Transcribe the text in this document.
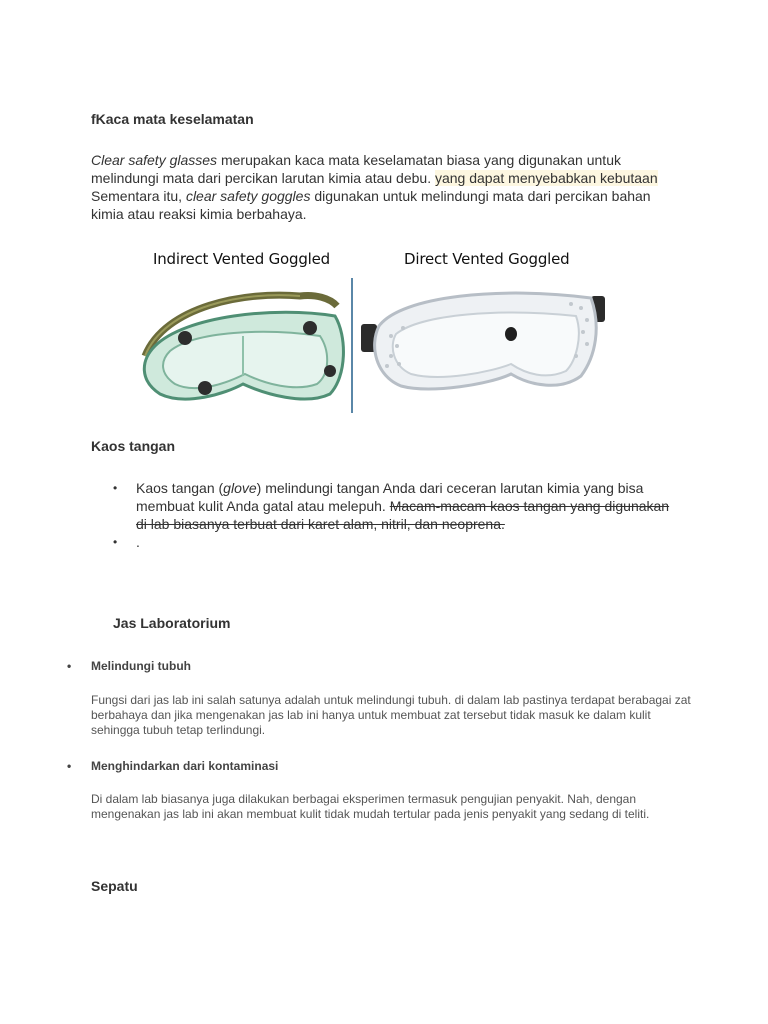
fKaca mata keselamatan
Clear safety glasses merupakan kaca mata keselamatan biasa yang digunakan untuk melindungi mata dari percikan larutan kimia atau debu. yang dapat menyebabkan kebutaan Sementara itu, clear safety goggles digunakan untuk melindungi mata dari percikan bahan kimia atau reaksi kimia berbahaya.
Indirect Vented Goggled	Direct Vented Goggled
Kaos tangan
• Kaos tangan (glove) melindungi tangan Anda dari ceceran larutan kimia yang bisa membuat kulit Anda gatal atau melepuh. Macam-macam kaos tangan yang digunakan di lab biasanya terbuat dari karet alam, nitril, dan neoprena.
• .
Jas Laboratorium
• Melindungi tubuh
Fungsi dari jas lab ini salah satunya adalah untuk melindungi tubuh. di dalam lab pastinya terdapat berabagai zat berbahaya dan jika mengenakan jas lab ini hanya untuk membuat zat tersebut tidak masuk ke dalam kulit sehingga tubuh tetap terlindungi.
• Menghindarkan dari kontaminasi
Di dalam lab biasanya juga dilakukan berbagai eksperimen termasuk pengujian penyakit. Nah, dengan mengenakan jas lab ini akan membuat kulit tidak mudah tertular pada jenis penyakit yang sedang di teliti.
Sepatu
